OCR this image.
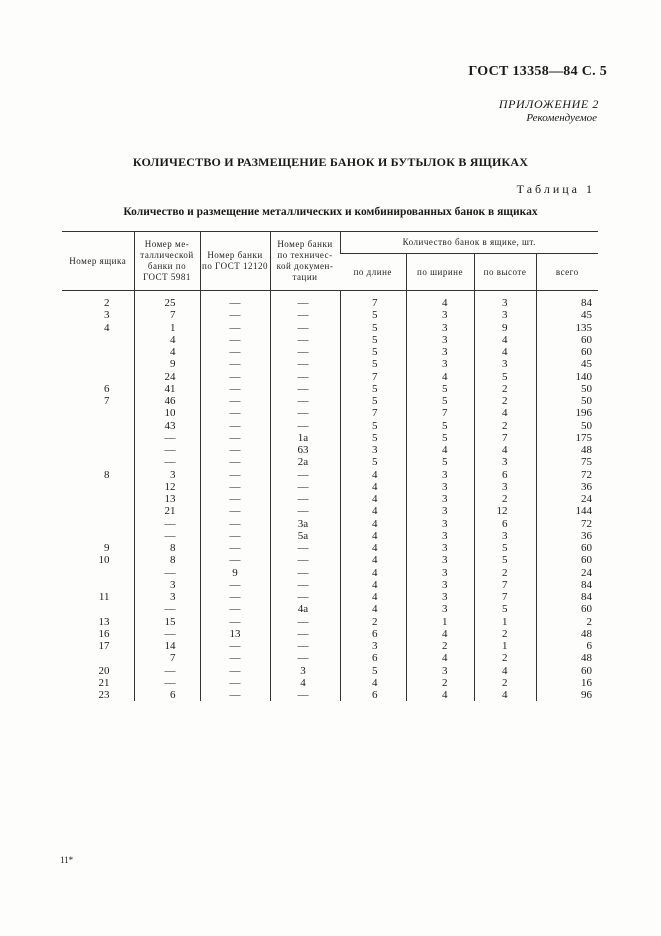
ГОСТ 13358—84 С. 5
ПРИЛОЖЕНИЕ 2
Рекомендуемое
КОЛИЧЕСТВО И РАЗМЕЩЕНИЕ БАНОК И БУТЫЛОК В ЯЩИКАХ
Таблица 1
Количество и размещение металлических и комбинированных банок в ящиках
Номер ящика	Номер ме-таллической банки по ГОСТ 5981	Номер банки по ГОСТ 12120	Номер банки по техничес-кой докумен-тации	Количество банок в ящике, шт.			
				по длине	по ширине	по высоте	всего
2	25	—	—	7	4	3	84
3	7	—	—	5	3	3	45
4	1	—	—	5	3	9	135
	4	—	—	5	3	4	60
	4	—	—	5	3	4	60
	9	—	—	5	3	3	45
	24	—	—	7	4	5	140
6	41	—	—	5	5	2	50
7	46	—	—	5	5	2	50
	10	—	—	7	7	4	196
	43	—	—	5	5	2	50
	—	—	1а	5	5	7	175
	—	—	63	3	4	4	48
	—	—	2а	5	5	3	75
8	3	—	—	4	3	6	72
	12	—	—	4	3	3	36
	13	—	—	4	3	2	24
	21	—	—	4	3	12	144
	—	—	3а	4	3	6	72
	—	—	5а	4	3	3	36
9	8	—	—	4	3	5	60
10	8	—	—	4	3	5	60
	—	9	—	4	3	2	24
	3	—	—	4	3	7	84
11	3	—	—	4	3	7	84
	—	—	4а	4	3	5	60
13	15	—	—	2	1	1	2
16	—	13	—	6	4	2	48
17	14	—	—	3	2	1	6
	7	—	—	6	4	2	48
20	—	—	3	5	3	4	60
21	—	—	4	4	2	2	16
23	6	—	—	6	4	4	96
11*
